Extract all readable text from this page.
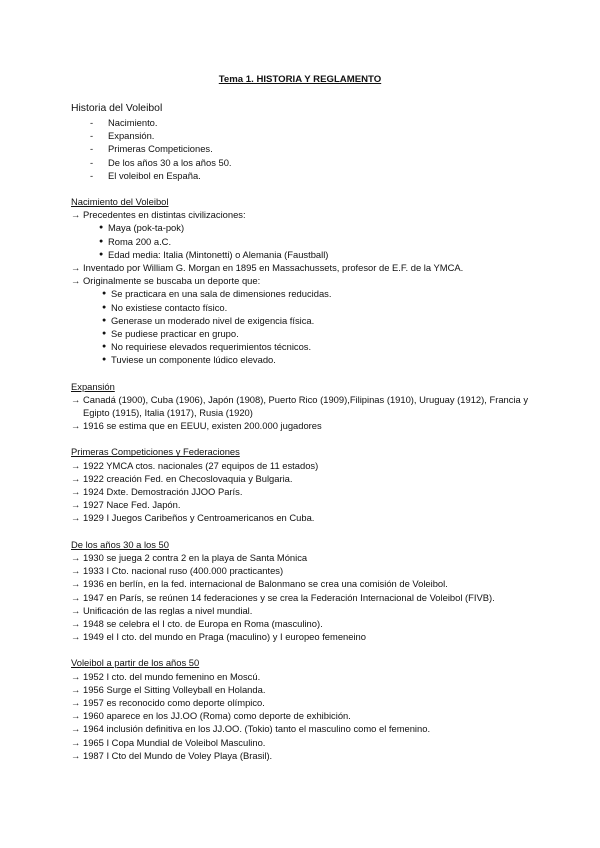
Tema 1. HISTORIA Y REGLAMENTO
Historia del Voleibol
- Nacimiento.
- Expansión.
- Primeras Competiciones.
- De los años 30 a los años 50.
- El voleibol en España.
Nacimiento del Voleibol
→ Precedentes en distintas civilizaciones:
● Maya (pok-ta-pok)
● Roma 200 a.C.
● Edad media: Italia (Mintonetti) o Alemania (Faustball)
→ Inventado por William G. Morgan en 1895 en Massachussets, profesor de E.F. de la YMCA.
→ Originalmente se buscaba un deporte que:
● Se practicara en una sala de dimensiones reducidas.
● No existiese contacto físico.
● Generase un moderado nivel de exigencia física.
● Se pudiese practicar en grupo.
● No requiriese elevados requerimientos técnicos.
● Tuviese un componente lúdico elevado.
Expansión
→ Canadá (1900), Cuba (1906), Japón (1908), Puerto Rico (1909),Filipinas (1910), Uruguay (1912), Francia y Egipto (1915), Italia (1917), Rusia (1920)
→ 1916 se estima que en EEUU, existen 200.000 jugadores
Primeras Competiciones y Federaciones
→ 1922 YMCA ctos. nacionales (27 equipos de 11 estados)
→ 1922 creación Fed. en Checoslovaquia y Bulgaria.
→ 1924 Dxte. Demostración JJOO París.
→ 1927 Nace Fed. Japón.
→ 1929 I Juegos Caribeños y Centroamericanos en Cuba.
De los años 30 a los 50
→ 1930 se juega 2 contra 2 en la playa de Santa Mónica
→ 1933 I Cto. nacional ruso (400.000 practicantes)
→ 1936 en berlín, en la fed. internacional de Balonmano se crea una comisión de Voleibol.
→ 1947 en París, se reúnen 14 federaciones y se crea la Federación Internacional de Voleibol (FIVB).
→ Unificación de las reglas a nivel mundial.
→ 1948 se celebra el I cto. de Europa en Roma (masculino).
→ 1949 el I cto. del mundo en Praga (maculino) y I europeo femeneino
Voleibol a partir de los años 50
→ 1952 I cto. del mundo femenino en Moscú.
→ 1956 Surge el Sitting Volleyball en Holanda.
→ 1957 es reconocido como deporte olímpico.
→ 1960 aparece en los JJ.OO (Roma) como deporte de exhibición.
→ 1964 inclusión definitiva en los JJ.OO. (Tokio) tanto el masculino como el femenino.
→ 1965 I Copa Mundial de Voleibol Masculino.
→ 1987 I Cto del Mundo de Voley Playa (Brasil).
